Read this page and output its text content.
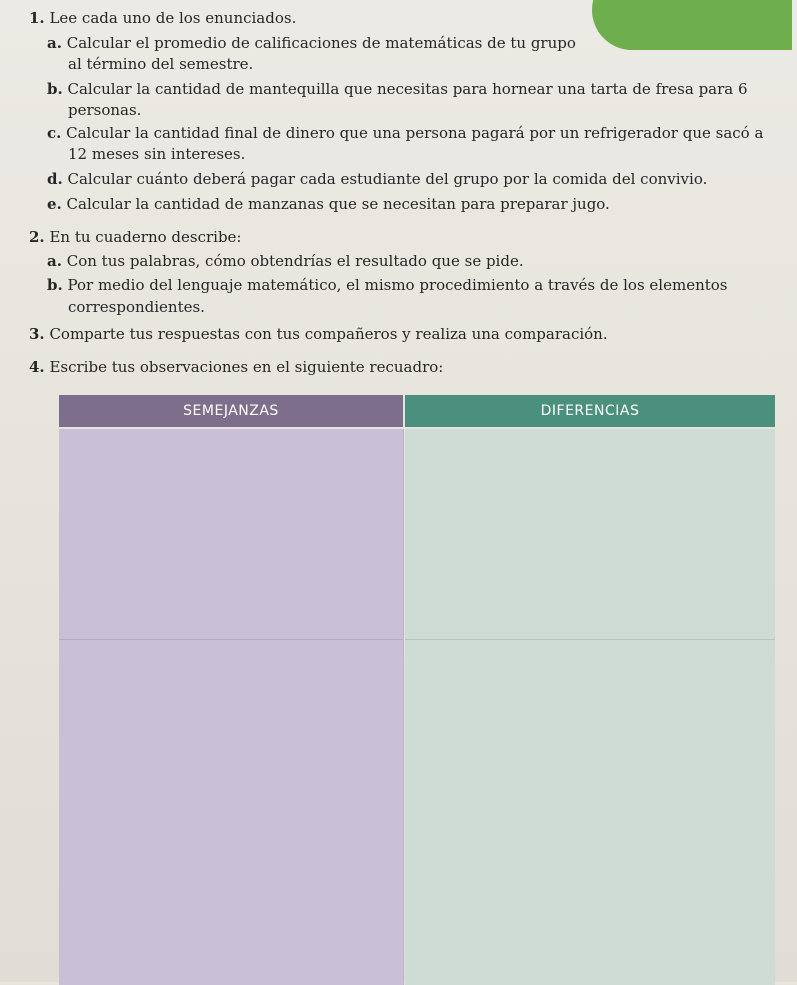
1. Lee cada uno de los enunciados.
a. Calcular el promedio de calificaciones de matemáticas de tu grupo
al término del semestre.
b. Calcular la cantidad de mantequilla que necesitas para hornear una tarta de fresa para 6
personas.
c. Calcular la cantidad final de dinero que una persona pagará por un refrigerador que sacó a
12 meses sin intereses.
d. Calcular cuánto deberá pagar cada estudiante del grupo por la comida del convivio.
e. Calcular la cantidad de manzanas que se necesitan para preparar jugo.
2. En tu cuaderno describe:
a. Con tus palabras, cómo obtendrías el resultado que se pide.
b. Por medio del lenguaje matemático, el mismo procedimiento a través de los elementos
correspondientes.
3. Comparte tus respuestas con tus compañeros y realiza una comparación.
4. Escribe tus observaciones en el siguiente recuadro:
SEMEJANZAS	DIFERENCIAS
